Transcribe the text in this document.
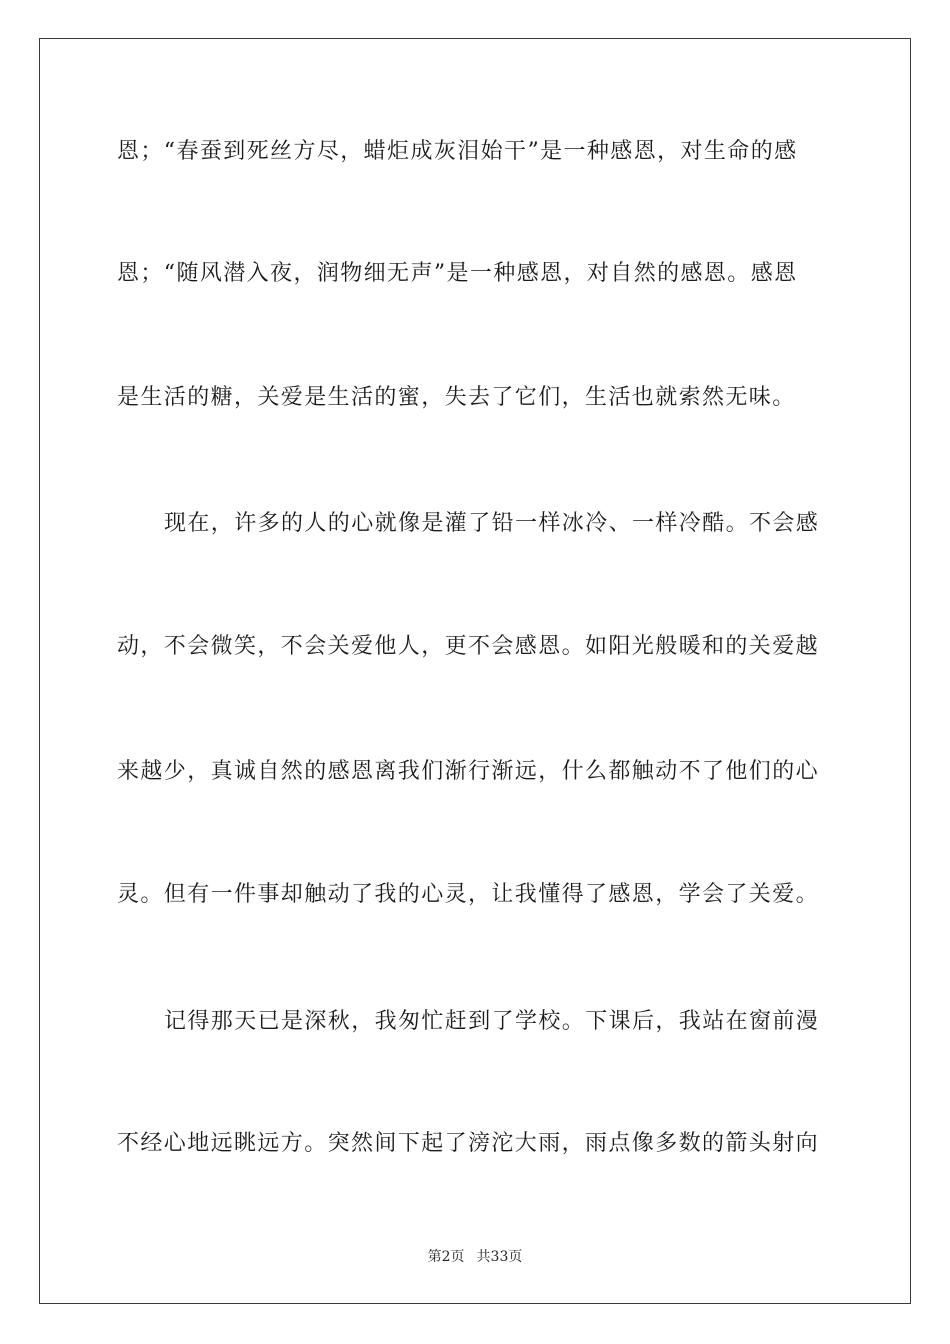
恩；“春蚕到死丝方尽，蜡炬成灰泪始干”是一种感恩，对生命的感

恩；“随风潜入夜，润物细无声”是一种感恩，对自然的感恩。感恩

是生活的糖，关爱是生活的蜜，失去了它们，生活也就索然无味。

现在，许多的人的心就像是灌了铅一样冰冷、一样冷酷。不会感

动，不会微笑，不会关爱他人，更不会感恩。如阳光般暖和的关爱越

来越少，真诚自然的感恩离我们渐行渐远，什么都触动不了他们的心

灵。但有一件事却触动了我的心灵，让我懂得了感恩，学会了关爱。

记得那天已是深秋，我匆忙赶到了学校。下课后，我站在窗前漫

不经心地远眺远方。突然间下起了滂沱大雨，雨点像多数的箭头射向

第2页 共33页
